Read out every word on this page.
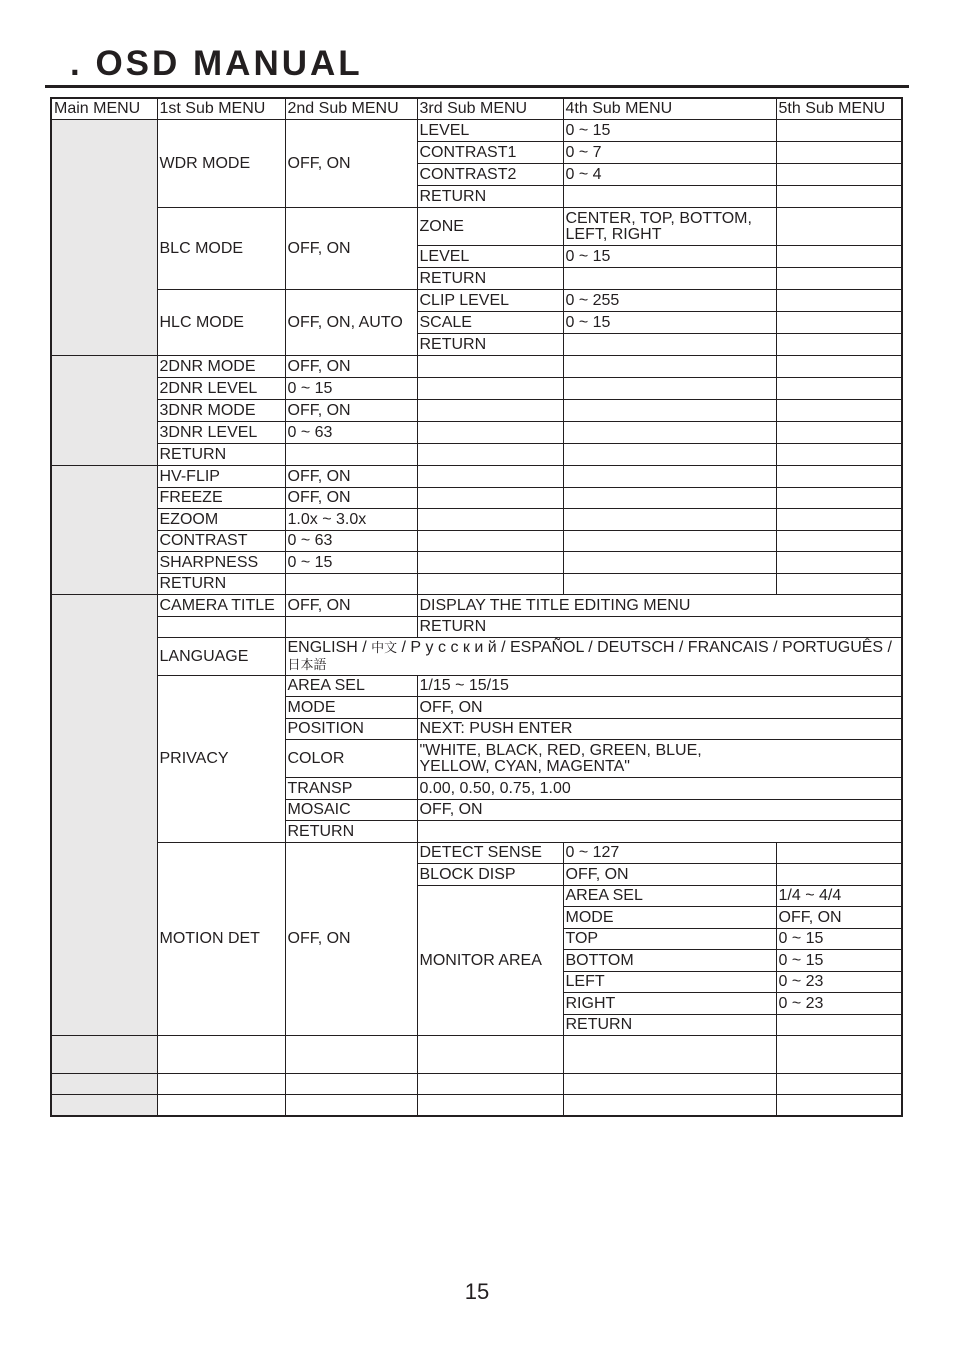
. OSD MANUAL
Main MENU	1st Sub MENU	2nd Sub MENU	3rd Sub MENU	4th Sub MENU	5th Sub MENU
	WDR MODE	OFF, ON	LEVEL	0 ~ 15	
			CONTRAST1	0 ~ 7	
			CONTRAST2	0 ~ 4	
			RETURN		
	BLC MODE	OFF, ON	ZONE	CENTER, TOP, BOTTOM, LEFT, RIGHT	
			LEVEL	0 ~ 15	
			RETURN		
	HLC MODE	OFF, ON, AUTO	CLIP LEVEL	0 ~ 255	
			SCALE	0 ~ 15	
			RETURN		
	2DNR MODE	OFF, ON			
	2DNR LEVEL	0 ~ 15			
	3DNR MODE	OFF, ON			
	3DNR LEVEL	0 ~ 63			
	RETURN				
	HV-FLIP	OFF, ON			
	FREEZE	OFF, ON			
	EZOOM	1.0x ~ 3.0x			
	CONTRAST	0 ~ 63			
	SHARPNESS	0 ~ 15			
	RETURN				
	CAMERA TITLE	OFF, ON	DISPLAY THE TITLE EDITING MENU		
			RETURN		
	LANGUAGE	ENGLISH / 中文 / Р у с с к и й / ESPAÑOL / DEUTSCH / FRANCAIS / PORTUGUÊS / 日本語			
	PRIVACY	AREA SEL	1/15 ~ 15/15		
		MODE	OFF, ON		
		POSITION	NEXT: PUSH ENTER		
		COLOR	"WHITE, BLACK, RED, GREEN, BLUE, YELLOW, CYAN, MAGENTA"		
		TRANSP	0.00, 0.50, 0.75, 1.00		
		MOSAIC	OFF, ON		
		RETURN			
	MOTION DET	OFF, ON	DETECT SENSE	0 ~ 127	
			BLOCK DISP	OFF, ON	
			MONITOR AREA	AREA SEL	1/4 ~ 4/4
				MODE	OFF, ON
				TOP	0 ~ 15
				BOTTOM	0 ~ 15
				LEFT	0 ~ 23
				RIGHT	0 ~ 23
				RETURN	

15
